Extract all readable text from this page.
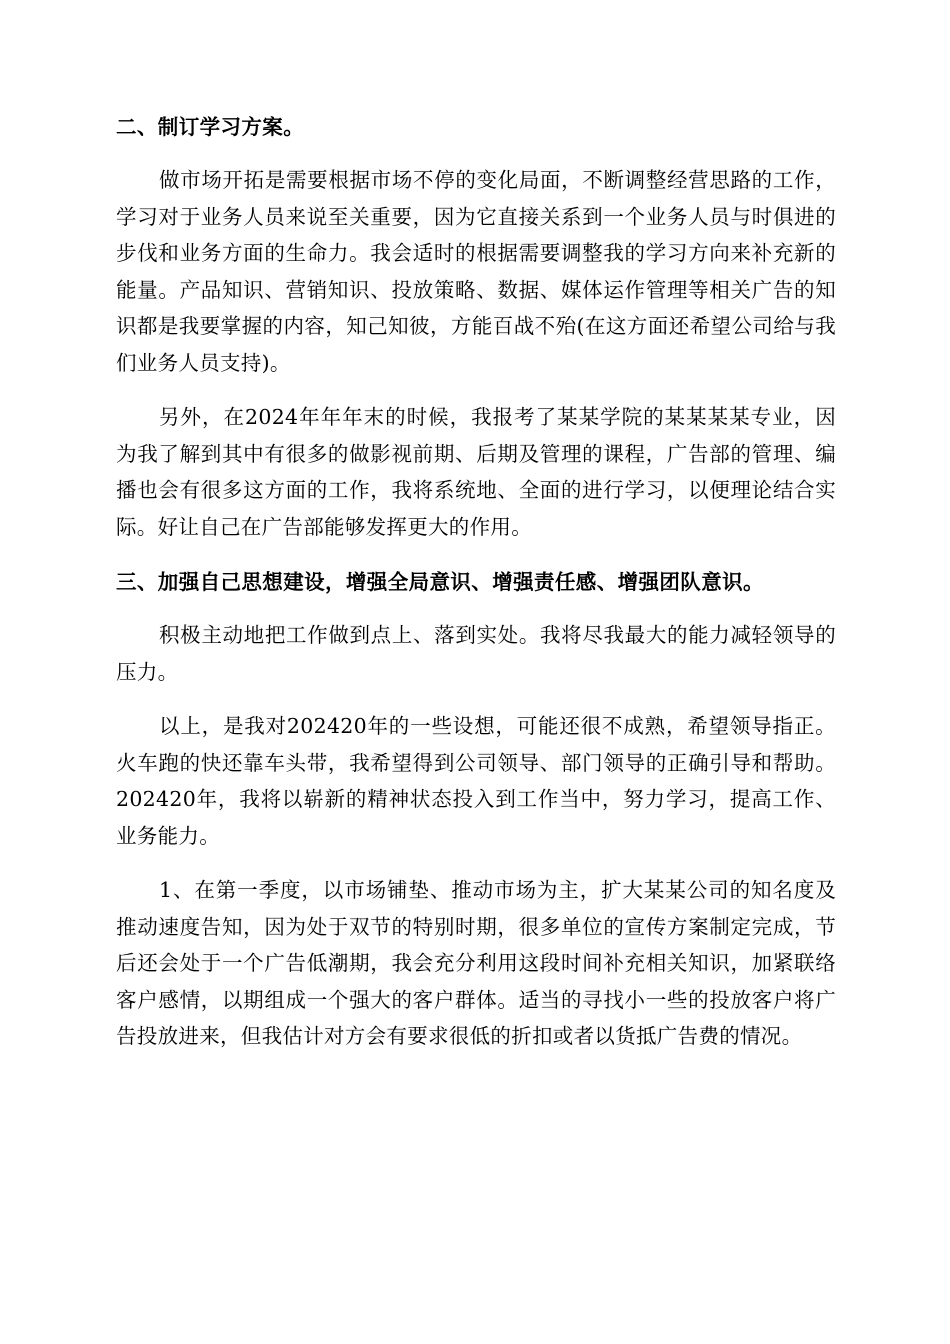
二、制订学习方案。

做市场开拓是需要根据市场不停的变化局面，不断调整经营思路的工作，学习对于业务人员来说至关重要，因为它直接关系到一个业务人员与时俱进的步伐和业务方面的生命力。我会适时的根据需要调整我的学习方向来补充新的能量。产品知识、营销知识、投放策略、数据、媒体运作管理等相关广告的知识都是我要掌握的内容，知己知彼，方能百战不殆(在这方面还希望公司给与我们业务人员支持)。

另外，在2024年年年末的时候，我报考了某某学院的某某某某专业，因为我了解到其中有很多的做影视前期、后期及管理的课程，广告部的管理、编播也会有很多这方面的工作，我将系统地、全面的进行学习，以便理论结合实际。好让自己在广告部能够发挥更大的作用。

三、加强自己思想建设，增强全局意识、增强责任感、增强团队意识。

积极主动地把工作做到点上、落到实处。我将尽我最大的能力减轻领导的压力。

以上，是我对202420年的一些设想，可能还很不成熟，希望领导指正。火车跑的快还靠车头带，我希望得到公司领导、部门领导的正确引导和帮助。202420年，我将以崭新的精神状态投入到工作当中，努力学习，提高工作、业务能力。

1、在第一季度，以市场铺垫、推动市场为主，扩大某某公司的知名度及推动速度告知，因为处于双节的特别时期，很多单位的宣传方案制定完成，节后还会处于一个广告低潮期，我会充分利用这段时间补充相关知识，加紧联络客户感情，以期组成一个强大的客户群体。适当的寻找小一些的投放客户将广告投放进来，但我估计对方会有要求很低的折扣或者以货抵广告费的情况。
